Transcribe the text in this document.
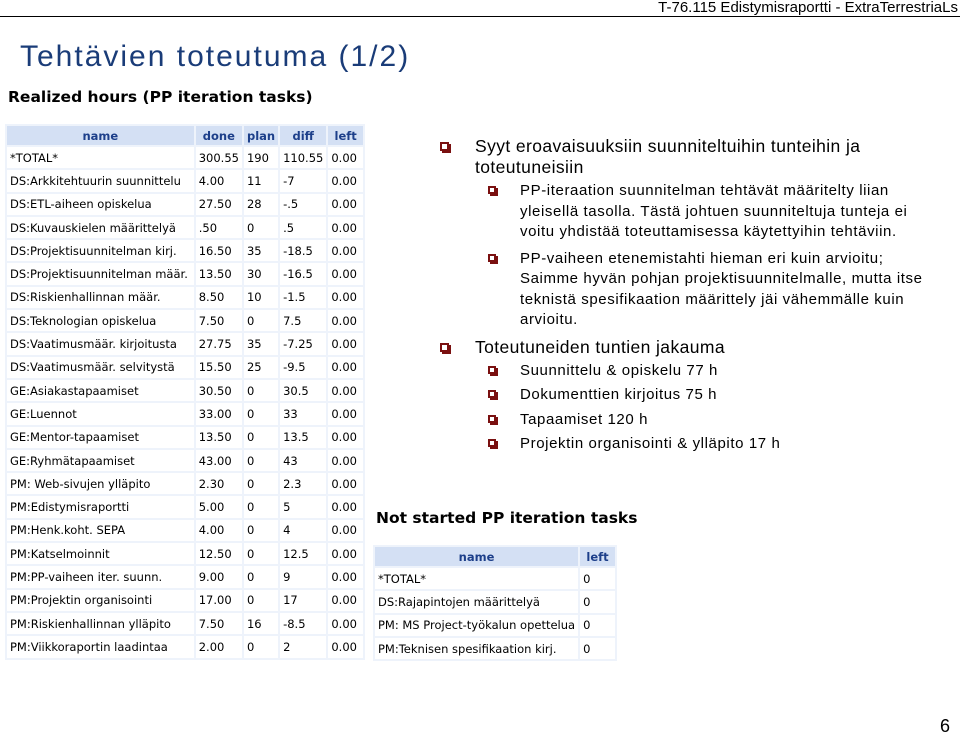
T-76.115 Edistymisraportti - ExtraTerrestriaLs
Tehtävien toteutuma (1/2)
Realized hours (PP iteration tasks)
name	done	plan	diff	left
*TOTAL*	300.55	190	110.55	0.00
DS:Arkkitehtuurin suunnittelu	4.00	11	-7	0.00
DS:ETL-aiheen opiskelua	27.50	28	-.5	0.00
DS:Kuvauskielen määrittelyä	.50	0	.5	0.00
DS:Projektisuunnitelman kirj.	16.50	35	-18.5	0.00
DS:Projektisuunnitelman määr.	13.50	30	-16.5	0.00
DS:Riskienhallinnan määr.	8.50	10	-1.5	0.00
DS:Teknologian opiskelua	7.50	0	7.5	0.00
DS:Vaatimusmäär. kirjoitusta	27.75	35	-7.25	0.00
DS:Vaatimusmäär. selvitystä	15.50	25	-9.5	0.00
GE:Asiakastapaamiset	30.50	0	30.5	0.00
GE:Luennot	33.00	0	33	0.00
GE:Mentor-tapaamiset	13.50	0	13.5	0.00
GE:Ryhmätapaamiset	43.00	0	43	0.00
PM: Web-sivujen ylläpito	2.30	0	2.3	0.00
PM:Edistymisraportti	5.00	0	5	0.00
PM:Henk.koht. SEPA	4.00	0	4	0.00
PM:Katselmoinnit	12.50	0	12.5	0.00
PM:PP-vaiheen iter. suunn.	9.00	0	9	0.00
PM:Projektin organisointi	17.00	0	17	0.00
PM:Riskienhallinnan ylläpito	7.50	16	-8.5	0.00
PM:Viikkoraportin laadintaa	2.00	0	2	0.00
Not started PP iteration tasks
name	left
*TOTAL*	0
DS:Rajapintojen määrittelyä	0
PM: MS Project-työkalun opettelua	0
PM:Teknisen spesifikaation kirj.	0
Syyt eroavaisuuksiin suunniteltuihin tunteihin ja toteutuneisiin
PP-iteraation suunnitelman tehtävät määritelty liian yleisellä tasolla. Tästä johtuen suunniteltuja tunteja ei voitu yhdistää toteuttamisessa käytettyihin tehtäviin.
PP-vaiheen etenemistahti hieman eri kuin arvioitu; Saimme hyvän pohjan projektisuunnitelmalle, mutta itse teknistä spesifikaation määrittely jäi vähemmälle kuin arvioitu.
Toteutuneiden tuntien jakauma
Suunnittelu & opiskelu 77 h
Dokumenttien kirjoitus 75 h
Tapaamiset 120 h
Projektin organisointi & ylläpito 17 h
6
